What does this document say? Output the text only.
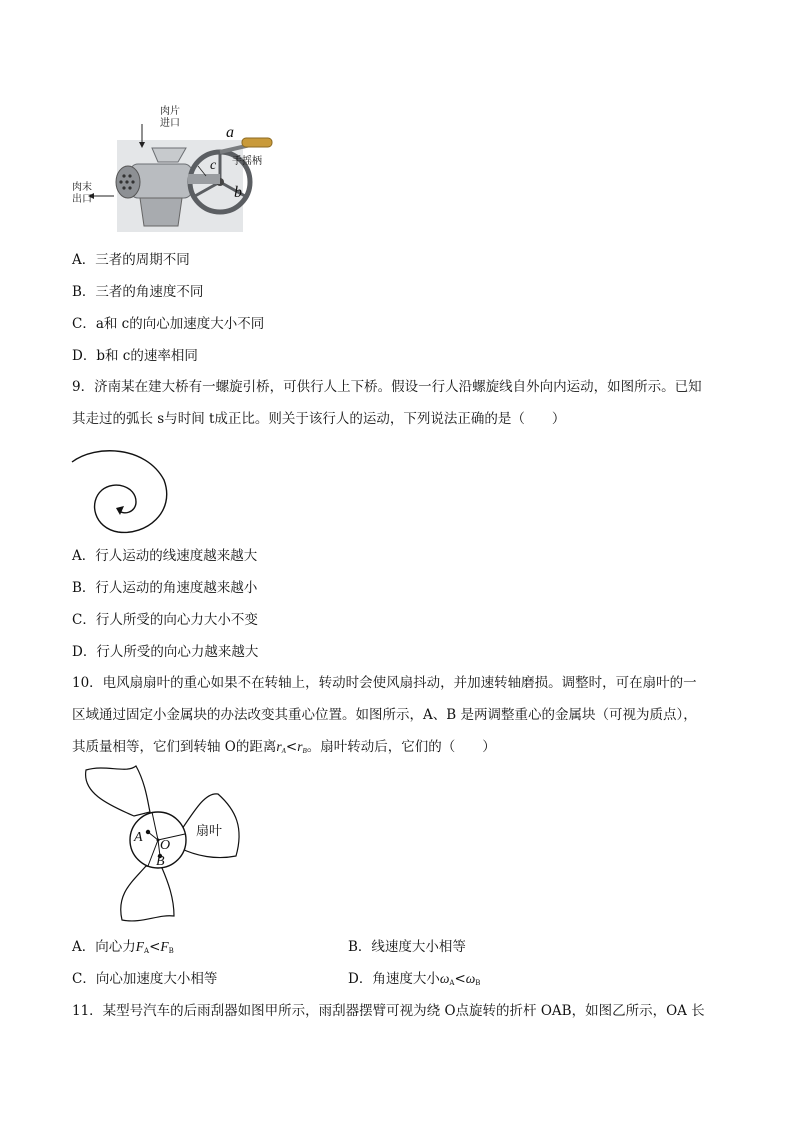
肉片
进口
肉末
出口
a
手摇柄
c
b
A．三者的周期不同
B．三者的角速度不同
C．a和 c的向心加速度大小不同
D．b和 c的速率相同
9．济南某在建大桥有一螺旋引桥，可供行人上下桥。假设一行人沿螺旋线自外向内运动，如图所示。已知
其走过的弧长 s与时间 t成正比。则关于该行人的运动，下列说法正确的是（　　）
A．行人运动的线速度越来越大
B．行人运动的角速度越来越小
C．行人所受的向心力大小不变
D．行人所受的向心力越来越大
10．电风扇扇叶的重心如果不在转轴上，转动时会使风扇抖动，并加速转轴磨损。调整时，可在扇叶的一
区域通过固定小金属块的办法改变其重心位置。如图所示，A、B 是两调整重心的金属块（可视为质点），
其质量相等，它们到转轴 O的距离$r_A<r_B$。扇叶转动后，它们的（　　）
A
O
B
扇叶
A．向心力$F_A<F_B$	B．线速度大小相等
C．向心加速度大小相等	D．角速度大小$\omega_A<\omega_B$
11．某型号汽车的后雨刮器如图甲所示，雨刮器摆臂可视为绕 O点旋转的折杆 OAB，如图乙所示，OA 长
